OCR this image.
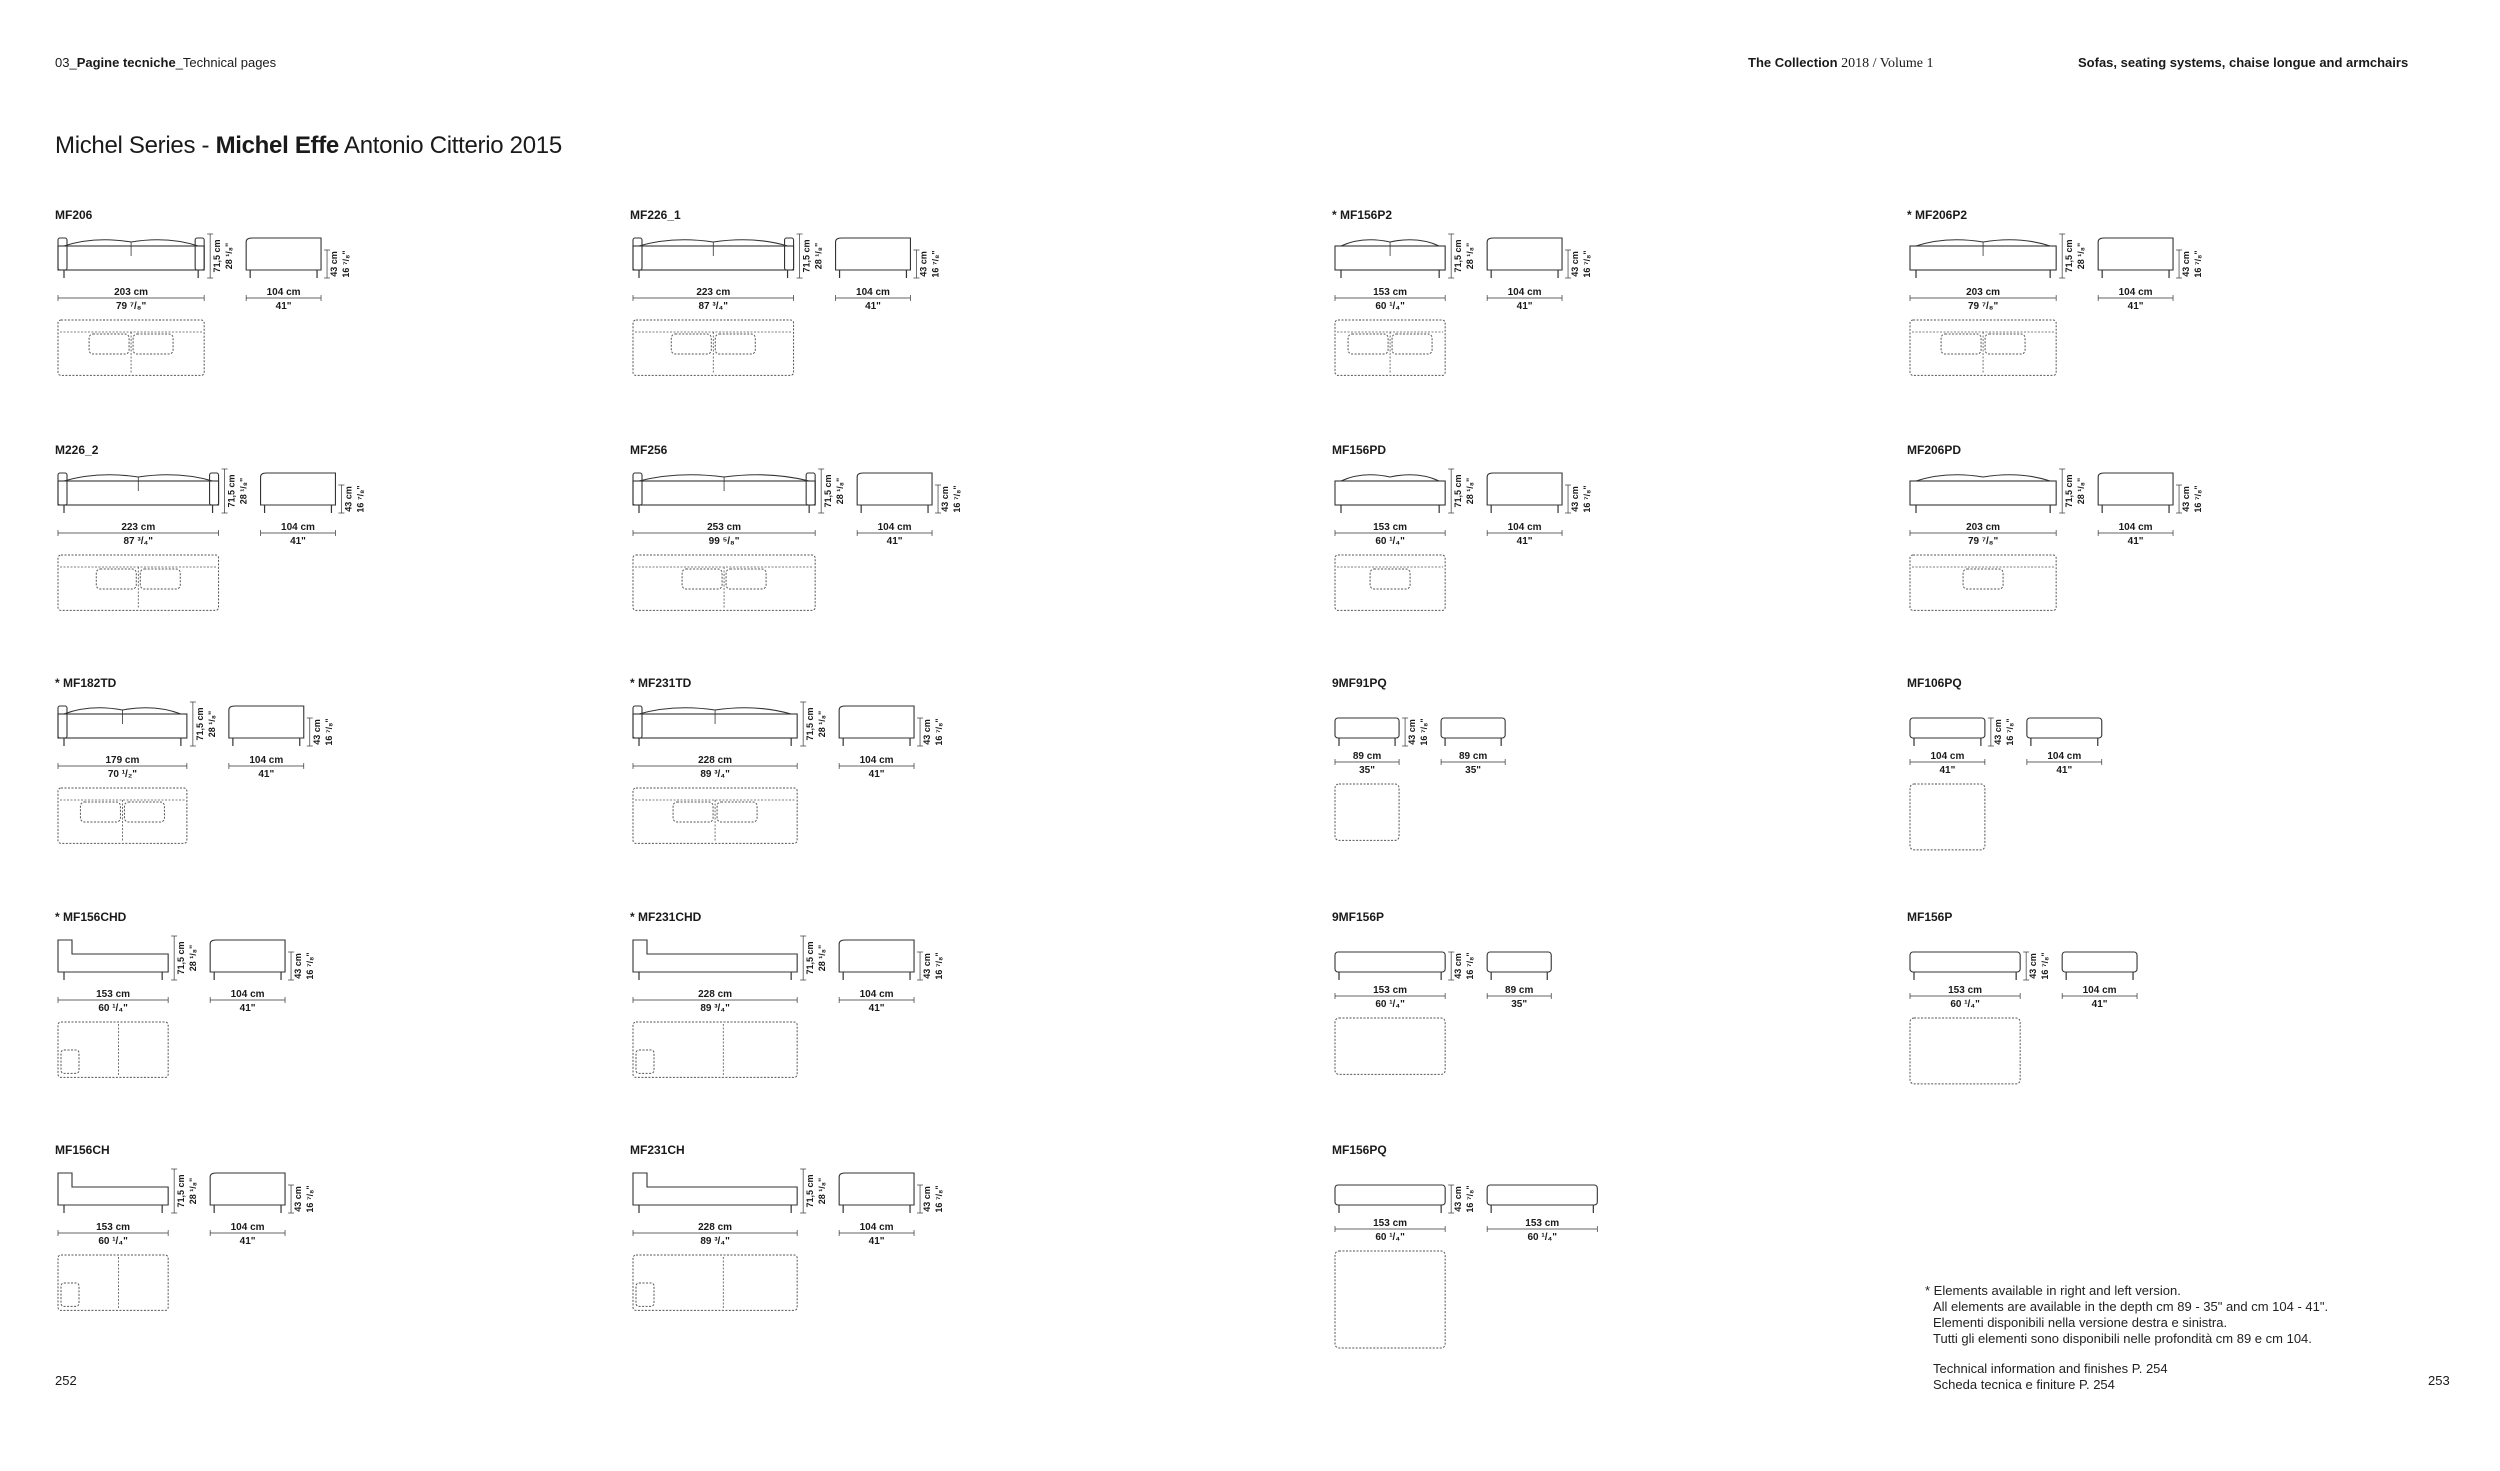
03_Pagine tecniche_Technical pages	The Collection 2018 / Volume 1	Sofas, seating systems, chaise longue and armchairs
Michel Series - Michel Effe Antonio Citterio 2015
MF206
71,5 cm 28 ¹/₈"	43 cm 16 ⁷/₈"
203 cm
79 ⁷/₈"
104 cm
41"
MF226_1
71,5 cm 28 ¹/₈"	43 cm 16 ⁷/₈"
223 cm
87 ³/₄"
104 cm
41"
* MF156P2
71,5 cm 28 ¹/₈"	43 cm 16 ⁷/₈"
153 cm
60 ¹/₄"
104 cm
41"
* MF206P2
71,5 cm 28 ¹/₈"	43 cm 16 ⁷/₈"
203 cm
79 ⁷/₈"
104 cm
41"
M226_2
71,5 cm 28 ¹/₈"	43 cm 16 ⁷/₈"
223 cm
87 ³/₄"
104 cm
41"
MF256
71,5 cm 28 ¹/₈"	43 cm 16 ⁷/₈"
253 cm
99 ⁵/₈"
104 cm
41"
MF156PD
71,5 cm 28 ¹/₈"	43 cm 16 ⁷/₈"
153 cm
60 ¹/₄"
104 cm
41"
MF206PD
71,5 cm 28 ¹/₈"	43 cm 16 ⁷/₈"
203 cm
79 ⁷/₈"
104 cm
41"
* MF182TD
71,5 cm 28 ¹/₈"	43 cm 16 ⁷/₈"
179 cm
70 ¹/₂"
104 cm
41"
* MF231TD
71,5 cm 28 ¹/₈"	43 cm 16 ⁷/₈"
228 cm
89 ³/₄"
104 cm
41"
9MF91PQ
43 cm 16 ⁷/₈"
89 cm
35"
89 cm
35"
MF106PQ
43 cm 16 ⁷/₈"
104 cm
41"
104 cm
41"
* MF156CHD
71,5 cm 28 ¹/₈"	43 cm 16 ⁷/₈"
153 cm
60 ¹/₄"
104 cm
41"
* MF231CHD
71,5 cm 28 ¹/₈"	43 cm 16 ⁷/₈"
228 cm
89 ³/₄"
104 cm
41"
9MF156P
43 cm 16 ⁷/₈"
153 cm
60 ¹/₄"
89 cm
35"
MF156P
43 cm 16 ⁷/₈"
153 cm
60 ¹/₄"
104 cm
41"
MF156CH
71,5 cm 28 ¹/₈"	43 cm 16 ⁷/₈"
153 cm
60 ¹/₄"
104 cm
41"
MF231CH
71,5 cm 28 ¹/₈"	43 cm 16 ⁷/₈"
228 cm
89 ³/₄"
104 cm
41"
MF156PQ
43 cm 16 ⁷/₈"
153 cm
60 ¹/₄"
153 cm
60 ¹/₄"
* Elements available in right and left version.
All elements are available in the depth cm 89 - 35" and cm 104 - 41".
Elementi disponibili nella versione destra e sinistra.
Tutti gli elementi sono disponibili nelle profondità cm 89 e cm 104.
Technical information and finishes P. 254
Scheda tecnica e finiture P. 254
252	253
